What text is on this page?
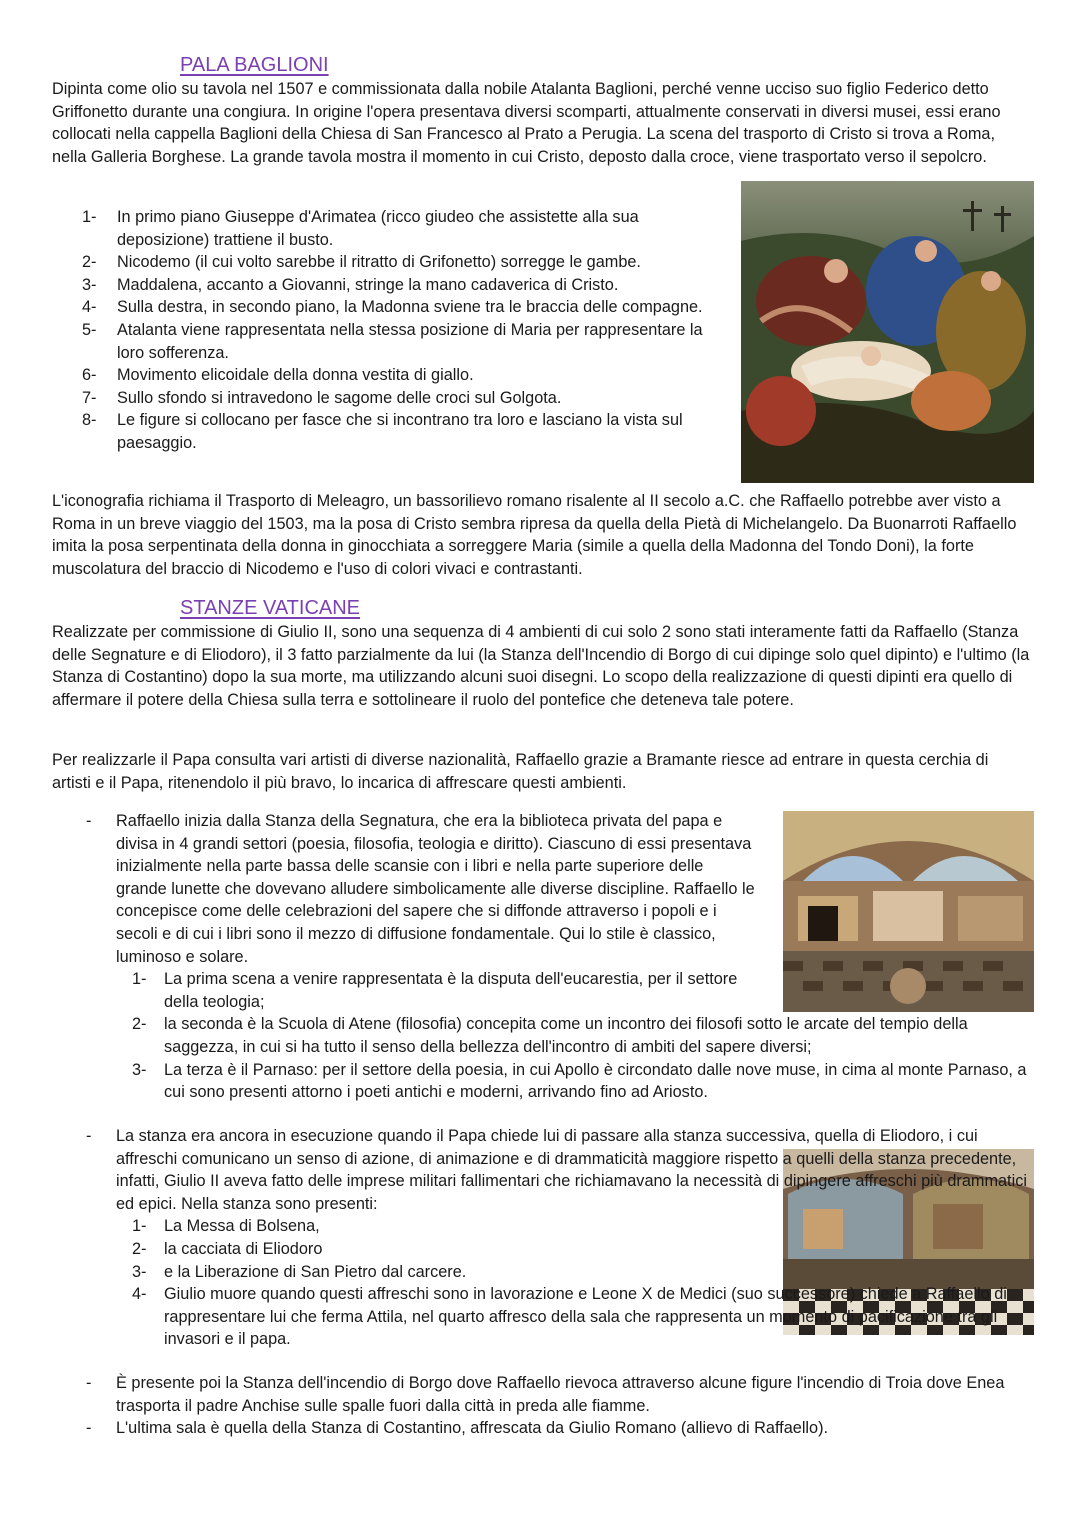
PALA BAGLIONI

Dipinta come olio su tavola nel 1507 e commissionata dalla nobile Atalanta Baglioni, perché venne ucciso suo figlio Federico detto Griffonetto durante una congiura. In origine l'opera presentava diversi scomparti, attualmente conservati in diversi musei, essi erano collocati nella cappella Baglioni della Chiesa di San Francesco al Prato a Perugia. La scena del trasporto di Cristo si trova a Roma, nella Galleria Borghese. La grande tavola mostra il momento in cui Cristo, deposto dalla croce, viene trasportato verso il sepolcro.

1-	In primo piano Giuseppe d'Arimatea (ricco giudeo che assistette alla sua deposizione) trattiene il busto.
2-	Nicodemo (il cui volto sarebbe il ritratto di Grifonetto) sorregge le gambe.
3-	Maddalena, accanto a Giovanni, stringe la mano cadaverica di Cristo.
4-	Sulla destra, in secondo piano, la Madonna sviene tra le braccia delle compagne.
5-	Atalanta viene rappresentata nella stessa posizione di Maria per rappresentare la loro sofferenza.
6-	Movimento elicoidale della donna vestita di giallo.
7-	Sullo sfondo si intravedono le sagome delle croci sul Golgota.
8-	Le figure si collocano per fasce che si incontrano tra loro e lasciano la vista sul paesaggio.

L'iconografia richiama il Trasporto di Meleagro, un bassorilievo romano risalente al II secolo a.C. che Raffaello potrebbe aver visto a Roma in un breve viaggio del 1503, ma la posa di Cristo sembra ripresa da quella della Pietà di Michelangelo. Da Buonarroti Raffaello imita la posa serpentinata della donna in ginocchiata a sorreggere Maria (simile a quella della Madonna del Tondo Doni), la forte muscolatura del braccio di Nicodemo e l'uso di colori vivaci e contrastanti.

STANZE VATICANE

Realizzate per commissione di Giulio II, sono una sequenza di 4 ambienti di cui solo 2 sono stati interamente fatti da Raffaello (Stanza delle Segnature e di Eliodoro), il 3 fatto parzialmente da lui (la Stanza dell'Incendio di Borgo di cui dipinge solo quel dipinto) e l'ultimo (la Stanza di Costantino) dopo la sua morte, ma utilizzando alcuni suoi disegni. Lo scopo della realizzazione di questi dipinti era quello di affermare il potere della Chiesa sulla terra e sottolineare il ruolo del pontefice che deteneva tale potere.

Per realizzarle il Papa consulta vari artisti di diverse nazionalità, Raffaello grazie a Bramante riesce ad entrare in questa cerchia di artisti e il Papa, ritenendolo il più bravo, lo incarica di affrescare questi ambienti.

-	Raffaello inizia dalla Stanza della Segnatura, che era la biblioteca privata del papa e divisa in 4 grandi settori (poesia, filosofia, teologia e diritto). Ciascuno di essi presentava inizialmente nella parte bassa delle scansie con i libri e nella parte superiore delle grande lunette che dovevano alludere simbolicamente alle diverse discipline. Raffaello le concepisce come delle celebrazioni del sapere che si diffonde attraverso i popoli e i secoli e di cui i libri sono il mezzo di diffusione fondamentale. Qui lo stile è classico, luminoso e solare.

1-	La prima scena a venire rappresentata è la disputa dell'eucarestia, per il settore della teologia;
2-	la seconda è la Scuola di Atene (filosofia) concepita come un incontro dei filosofi sotto le arcate del tempio della saggezza, in cui si ha tutto il senso della bellezza dell'incontro di ambiti del sapere diversi;
3-	La terza è il Parnaso: per il settore della poesia, in cui Apollo è circondato dalle nove muse, in cima al monte Parnaso, a cui sono presenti attorno i poeti antichi e moderni, arrivando fino ad Ariosto.
-	La stanza era ancora in esecuzione quando il Papa chiede lui di passare alla stanza successiva, quella di Eliodoro, i cui affreschi comunicano un senso di azione, di animazione e di drammaticità maggiore rispetto a quelli della stanza precedente, infatti, Giulio II aveva fatto delle imprese militari fallimentari che richiamavano la necessità di dipingere affreschi più drammatici ed epici. Nella stanza sono presenti:

1-	La Messa di Bolsena,
2-	la cacciata di Eliodoro
3-	e la Liberazione di San Pietro dal carcere.
4-	Giulio muore quando questi affreschi sono in lavorazione e Leone X de Medici (suo successore) chiede a Raffaello di rappresentare lui che ferma Attila, nel quarto affresco della sala che rappresenta un momento di pacificazione tra gli invasori e il papa.
-	È presente poi la Stanza dell'incendio di Borgo dove Raffaello rievoca attraverso alcune figure l'incendio di Troia dove Enea trasporta il padre Anchise sulle spalle fuori dalla città in preda alle fiamme.

-	L'ultima sala è quella della Stanza di Costantino, affrescata da Giulio Romano (allievo di Raffaello).
